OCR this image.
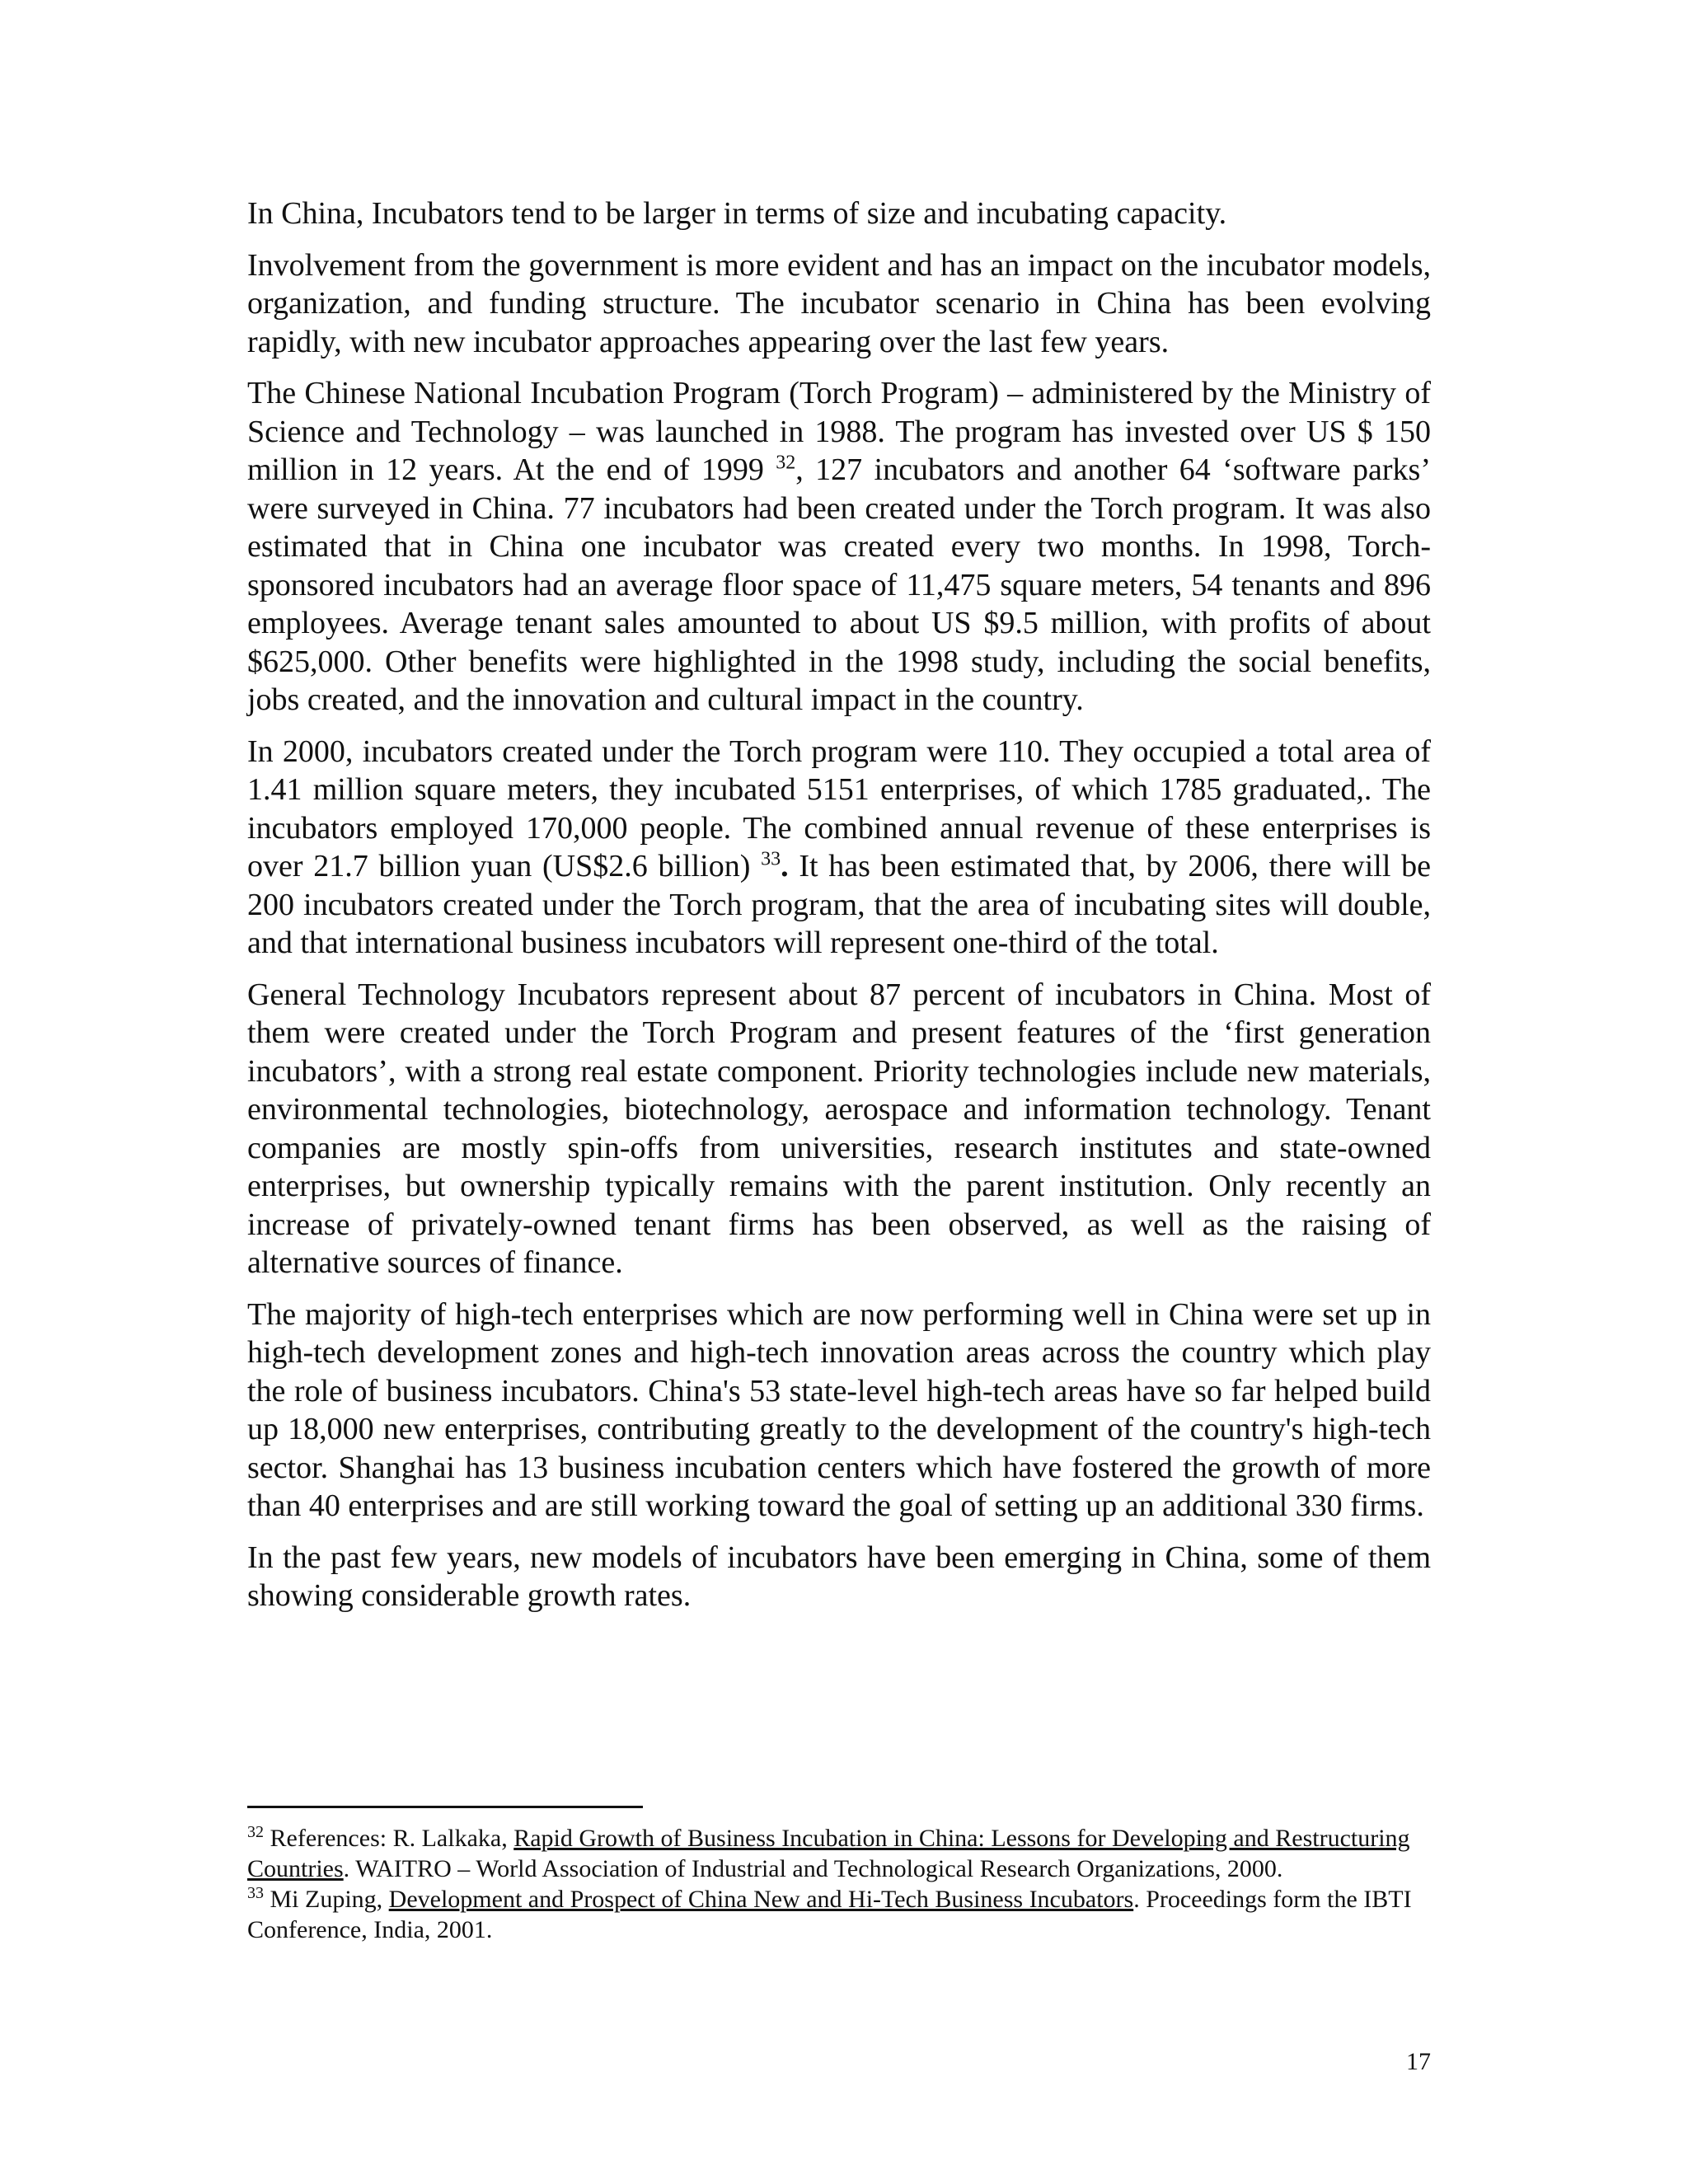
In China, Incubators tend to be larger in terms of size and incubating capacity.

Involvement from the government is more evident and has an impact on the incubator models, organization, and funding structure. The incubator scenario in China has been evolving rapidly, with new incubator approaches appearing over the last few years.

The Chinese National Incubation Program (Torch Program) – administered by the Ministry of Science and Technology – was launched in 1988. The program has invested over US $ 150 million in 12 years. At the end of 1999 $^{32}$, 127 incubators and another 64 ‘software parks’ were surveyed in China. 77 incubators had been created under the Torch program. It was also estimated that in China one incubator was created every two months. In 1998, Torch-sponsored incubators had an average floor space of 11,475 square meters, 54 tenants and 896 employees. Average tenant sales amounted to about US $9.5 million, with profits of about $625,000. Other benefits were highlighted in the 1998 study, including the social benefits, jobs created, and the innovation and cultural impact in the country.

In 2000, incubators created under the Torch program were 110. They occupied a total area of 1.41 million square meters, they incubated 5151 enterprises, of which 1785 graduated,. The incubators employed 170,000 people. The combined annual revenue of these enterprises is over 21.7 billion yuan (US$2.6 billion) $^{33}$. It has been estimated that, by 2006, there will be 200 incubators created under the Torch program, that the area of incubating sites will double, and that international business incubators will represent one-third of the total.

General Technology Incubators represent about 87 percent of incubators in China. Most of them were created under the Torch Program and present features of the ‘first generation incubators’, with a strong real estate component. Priority technologies include new materials, environmental technologies, biotechnology, aerospace and information technology. Tenant companies are mostly spin-offs from universities, research institutes and state-owned enterprises, but ownership typically remains with the parent institution. Only recently an increase of privately-owned tenant firms has been observed, as well as the raising of alternative sources of finance.

The majority of high-tech enterprises which are now performing well in China were set up in high-tech development zones and high-tech innovation areas across the country which play the role of business incubators. China's 53 state-level high-tech areas have so far helped build up 18,000 new enterprises, contributing greatly to the development of the country's high-tech sector. Shanghai has 13 business incubation centers which have fostered the growth of more than 40 enterprises and are still working toward the goal of setting up an additional 330 firms.

In the past few years, new models of incubators have been emerging in China, some of them showing considerable growth rates.

$^{32}$ References: R. Lalkaka, Rapid Growth of Business Incubation in China: Lessons for Developing and Restructuring Countries. WAITRO – World Association of Industrial and Technological Research Organizations, 2000.

$^{33}$ Mi Zuping, Development and Prospect of China New and Hi-Tech Business Incubators. Proceedings form the IBTI Conference, India, 2001.

17
